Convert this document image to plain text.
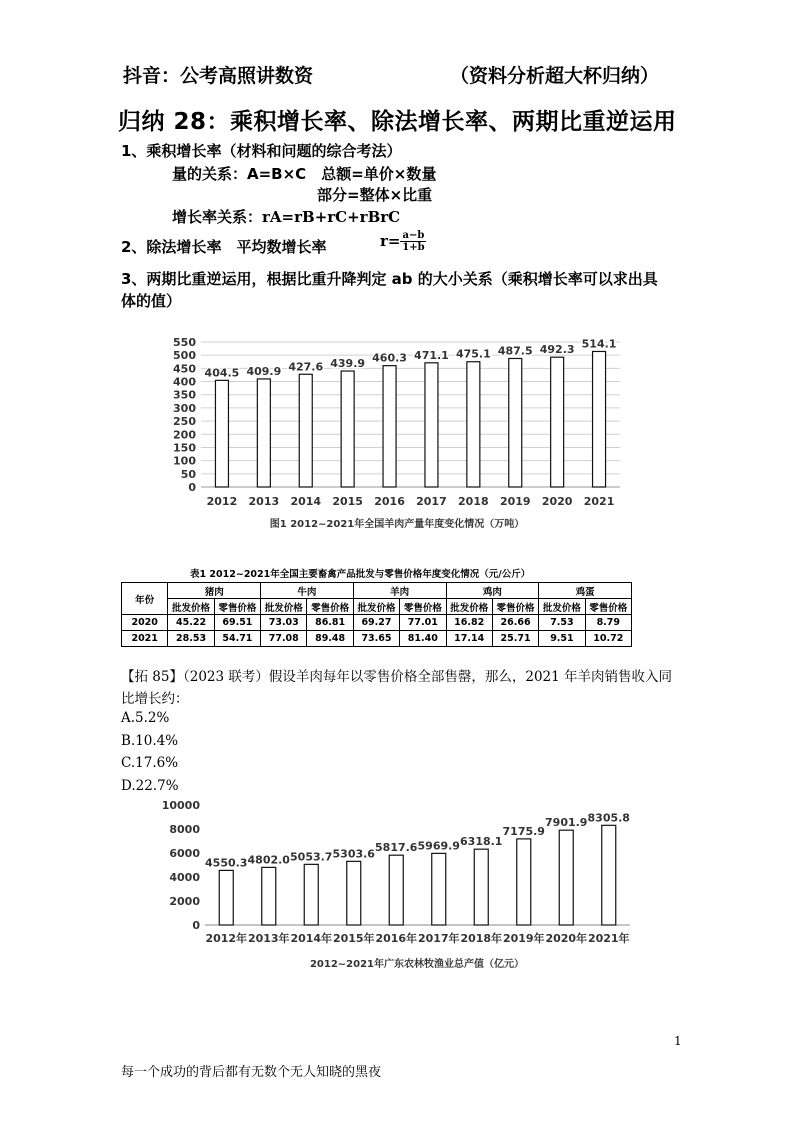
抖音：公考高照讲数资	（资料分析超大杯归纳）
归纳 28：乘积增长率、除法增长率、两期比重逆运用
1、乘积增长率（材料和问题的综合考法）
量的关系：A=B×C　总额=单价×数量
部分=整体×比重
增长率关系：rA=rB+rC+rBrC
2、除法增长率　平均数增长率	$r= \frac{a-b}{1+b}$
3、两期比重逆运用，根据比重升降判定 ab 的大小关系（乘积增长率可以求出具
体的值）
404.5 409.9 427.6 439.9 460.3 471.1 475.1 487.5 492.3 514.1
0
50
100
150
200
250
300
350
400
450
500
550
2012 2013 2014 2015 2016 2017 2018 2019 2020 2021
图1 2012~2021年全国羊肉产量年度变化情况（万吨）
表1 2012~2021年全国主要畜禽产品批发与零售价格年度变化情况（元/公斤）
年份	猪肉		牛肉		羊肉		鸡肉		鸡蛋	
	批发价格	零售价格	批发价格	零售价格	批发价格	零售价格	批发价格	零售价格	批发价格	零售价格
2020	45.22	69.51	73.03	86.81	69.27	77.01	16.82	26.66	7.53	8.79
2021	28.53	54.71	77.08	89.48	73.65	81.40	17.14	25.71	9.51	10.72
【拓 85】（2023 联考）假设羊肉每年以零售价格全部售罄，那么，2021 年羊肉销售收入同
比增长约：
A.5.2%
B.10.4%
C.17.6%
D.22.7%
4550.3 4802.0 5053.7 5303.6 5817.6 5969.9 6318.1
7175.9
7901.9 8305.8
0
2000
4000
6000
8000
10000
2012年 2013年 2014年 2015年 2016年 2017年 2018年 2019年 2020年 2021年
2012~2021年广东农林牧渔业总产值（亿元）
1
每一个成功的背后都有无数个无人知晓的黑夜
